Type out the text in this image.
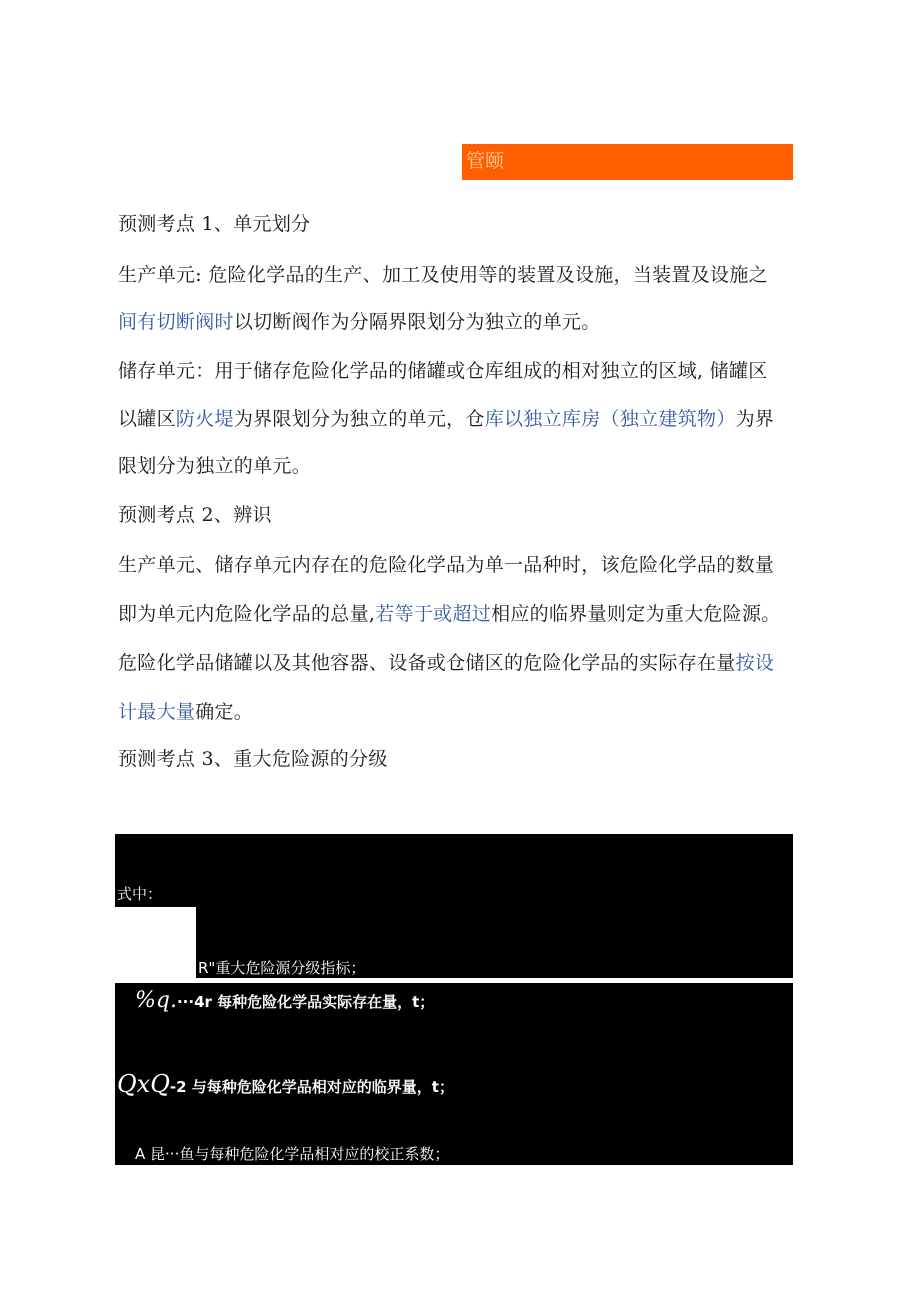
管颐
预测考点 1、单元划分
生产单元: 危险化学品的生产、加工及使用等的装置及设施，当装置及设施之
间有切断阀时以切断阀作为分隔界限划分为独立的单元。
储存单元：用于储存危险化学品的储罐或仓库组成的相对独立的区域, 储罐区
以罐区防火堤为界限划分为独立的单元，仓库以独立库房（独立建筑物）为界
限划分为独立的单元。
预测考点 2、辨识
生产单元、储存单元内存在的危险化学品为单一品种时，该危险化学品的数量
即为单元内危险化学品的总量,若等于或超过相应的临界量则定为重大危险源。
危险化学品储罐以及其他容器、设备或仓储区的危险化学品的实际存在量按设
计最大量确定。
预测考点 3、重大危险源的分级
式中：
R"重大危险源分级指标；
%q.···4r 每种危险化学品实际存在量，t；
QxQ-2 与每种危险化学品相对应的临界量，t；
A 昆···鱼与每种危险化学品相对应的校正系数；
